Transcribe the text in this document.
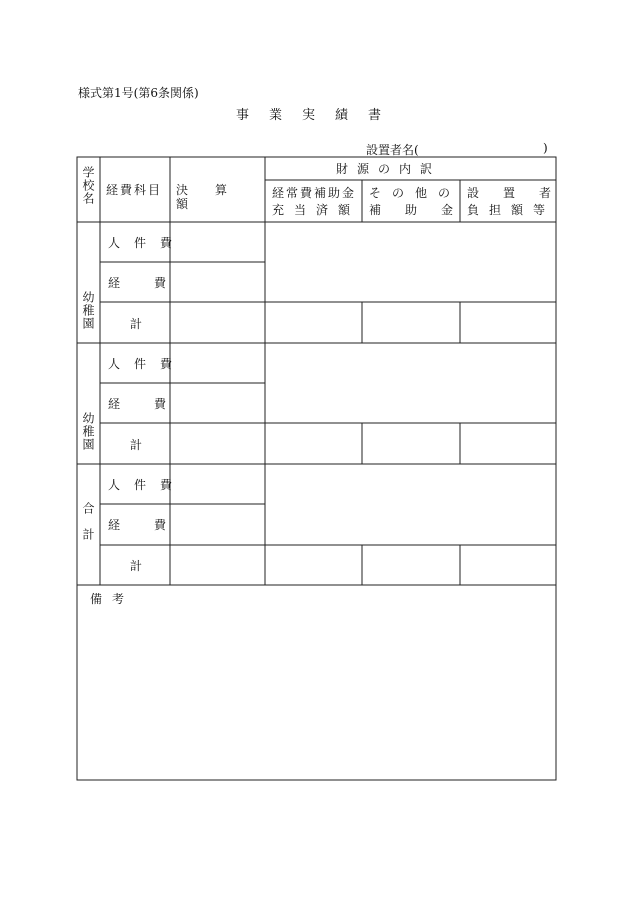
様式第1号(第6条関係)
事業実績書
設置者名(	)
学校名 経費科目 決算額
財源の内訳
経常費補助金
充当済額
その他の
補助金
設置者
負担額等
幼稚園
人件費
経費
計
幼稚園
人件費
経費
計
合計
人件費
経費
計
備考
